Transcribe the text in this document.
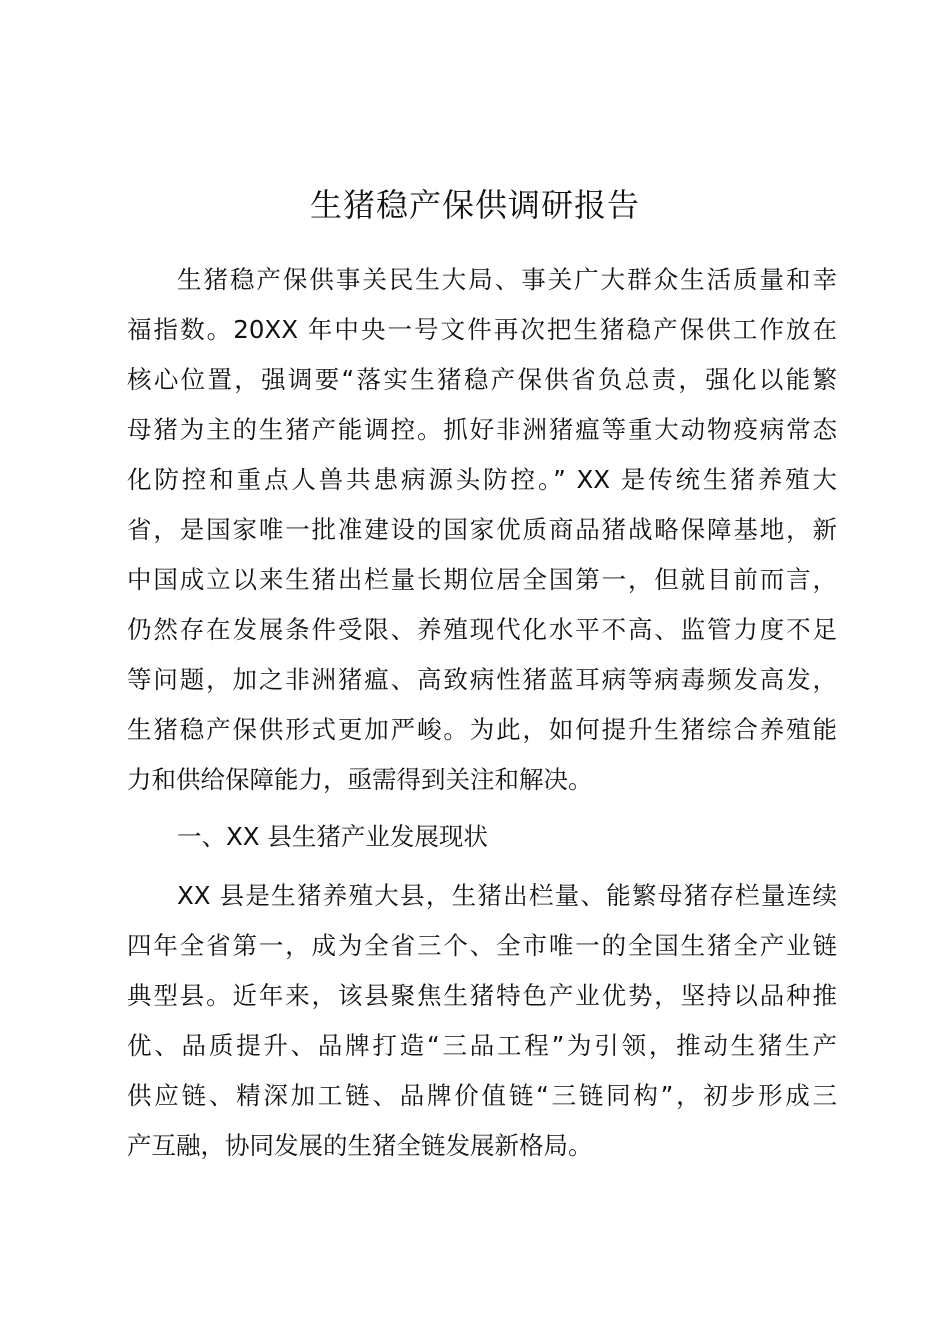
生猪稳产保供调研报告
生猪稳产保供事关民生大局、事关广大群众生活质量和幸
福指数。20XX 年中央一号文件再次把生猪稳产保供工作放在
核心位置，强调要“落实生猪稳产保供省负总责，强化以能繁
母猪为主的生猪产能调控。抓好非洲猪瘟等重大动物疫病常态
化防控和重点人兽共患病源头防控。” XX 是传统生猪养殖大
省，是国家唯一批准建设的国家优质商品猪战略保障基地，新
中国成立以来生猪出栏量长期位居全国第一，但就目前而言，
仍然存在发展条件受限、养殖现代化水平不高、监管力度不足
等问题，加之非洲猪瘟、高致病性猪蓝耳病等病毒频发高发，
生猪稳产保供形式更加严峻。为此，如何提升生猪综合养殖能
力和供给保障能力，亟需得到关注和解决。
一、XX 县生猪产业发展现状
XX 县是生猪养殖大县，生猪出栏量、能繁母猪存栏量连续
四年全省第一，成为全省三个、全市唯一的全国生猪全产业链
典型县。近年来，该县聚焦生猪特色产业优势，坚持以品种推
优、品质提升、品牌打造“三品工程”为引领，推动生猪生产
供应链、精深加工链、品牌价值链“三链同构”，初步形成三
产互融，协同发展的生猪全链发展新格局。
